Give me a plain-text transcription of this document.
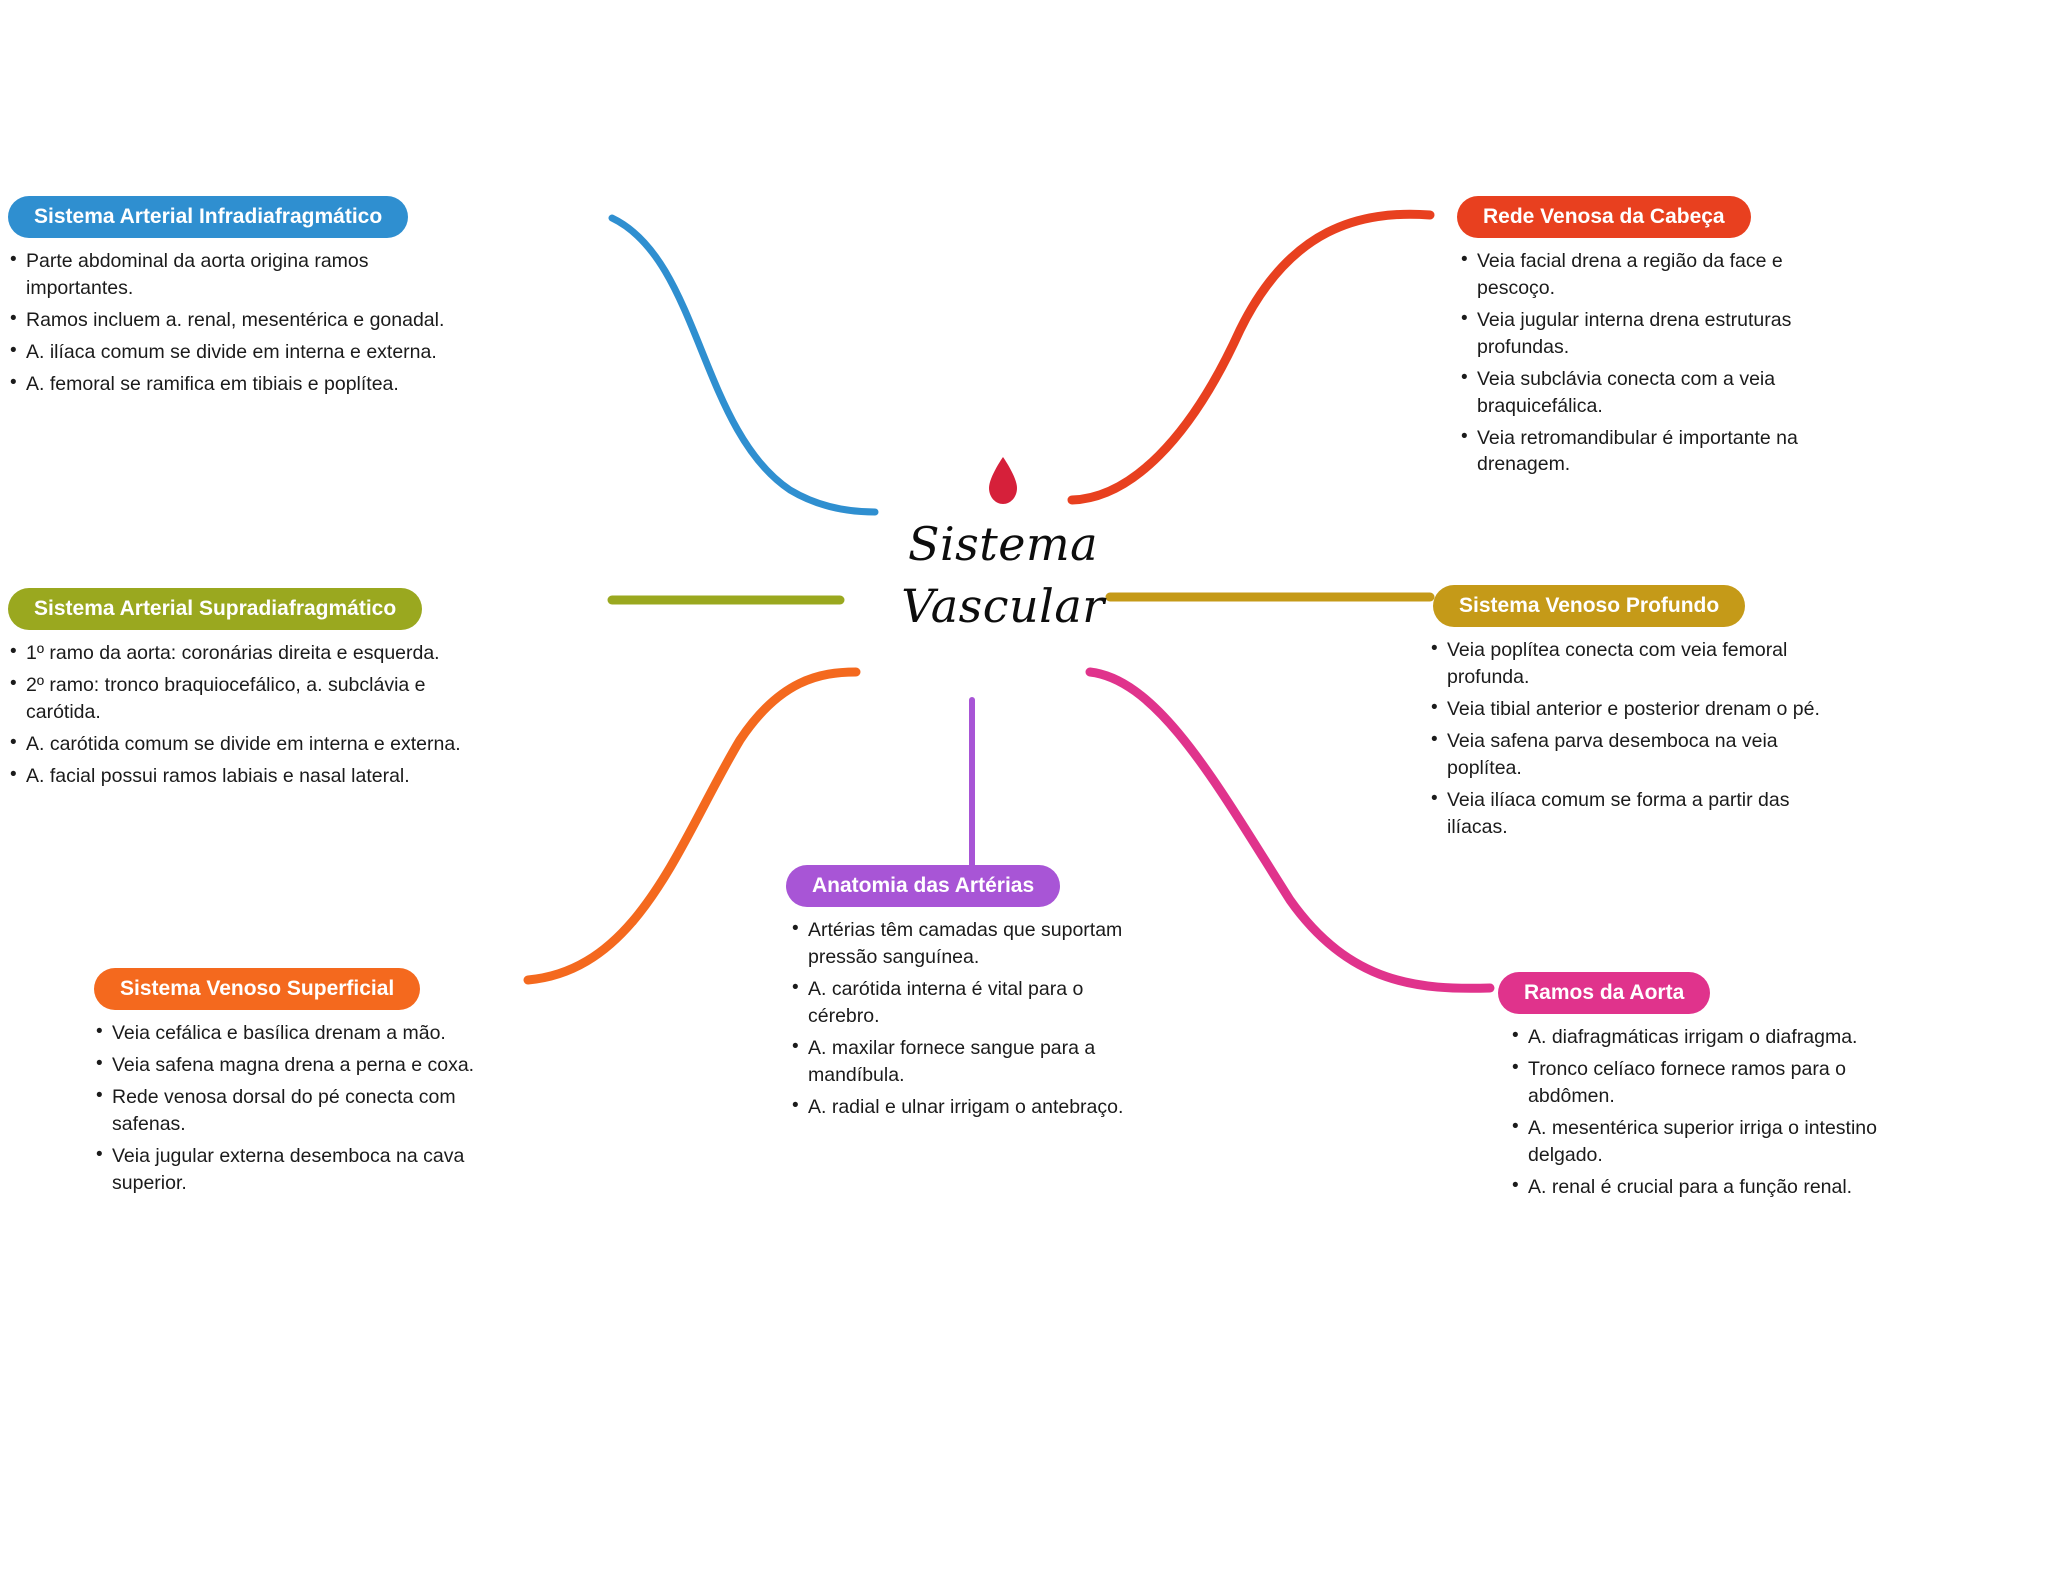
Sistema
Vascular
Sistema Arterial Infradiafragmático
• Parte abdominal da aorta origina ramos importantes.
• Ramos incluem a. renal, mesentérica e gonadal.
• A. ilíaca comum se divide em interna e externa.
• A. femoral se ramifica em tibiais e poplítea.
Sistema Arterial Supradiafragmático
• 1º ramo da aorta: coronárias direita e esquerda.
• 2º ramo: tronco braquiocefálico, a. subclávia e carótida.
• A. carótida comum se divide em interna e externa.
• A. facial possui ramos labiais e nasal lateral.
Sistema Venoso Superficial
• Veia cefálica e basílica drenam a mão.
• Veia safena magna drena a perna e coxa.
• Rede venosa dorsal do pé conecta com safenas.
• Veia jugular externa desemboca na cava superior.
Anatomia das Artérias
• Artérias têm camadas que suportam pressão sanguínea.
• A. carótida interna é vital para o cérebro.
• A. maxilar fornece sangue para a mandíbula.
• A. radial e ulnar irrigam o antebraço.
Rede Venosa da Cabeça
• Veia facial drena a região da face e pescoço.
• Veia jugular interna drena estruturas profundas.
• Veia subclávia conecta com a veia braquicefálica.
• Veia retromandibular é importante na drenagem.
Sistema Venoso Profundo
• Veia poplítea conecta com veia femoral profunda.
• Veia tibial anterior e posterior drenam o pé.
• Veia safena parva desemboca na veia poplítea.
• Veia ilíaca comum se forma a partir das ilíacas.
Ramos da Aorta
• A. diafragmáticas irrigam o diafragma.
• Tronco celíaco fornece ramos para o abdômen.
• A. mesentérica superior irriga o intestino delgado.
• A. renal é crucial para a função renal.
